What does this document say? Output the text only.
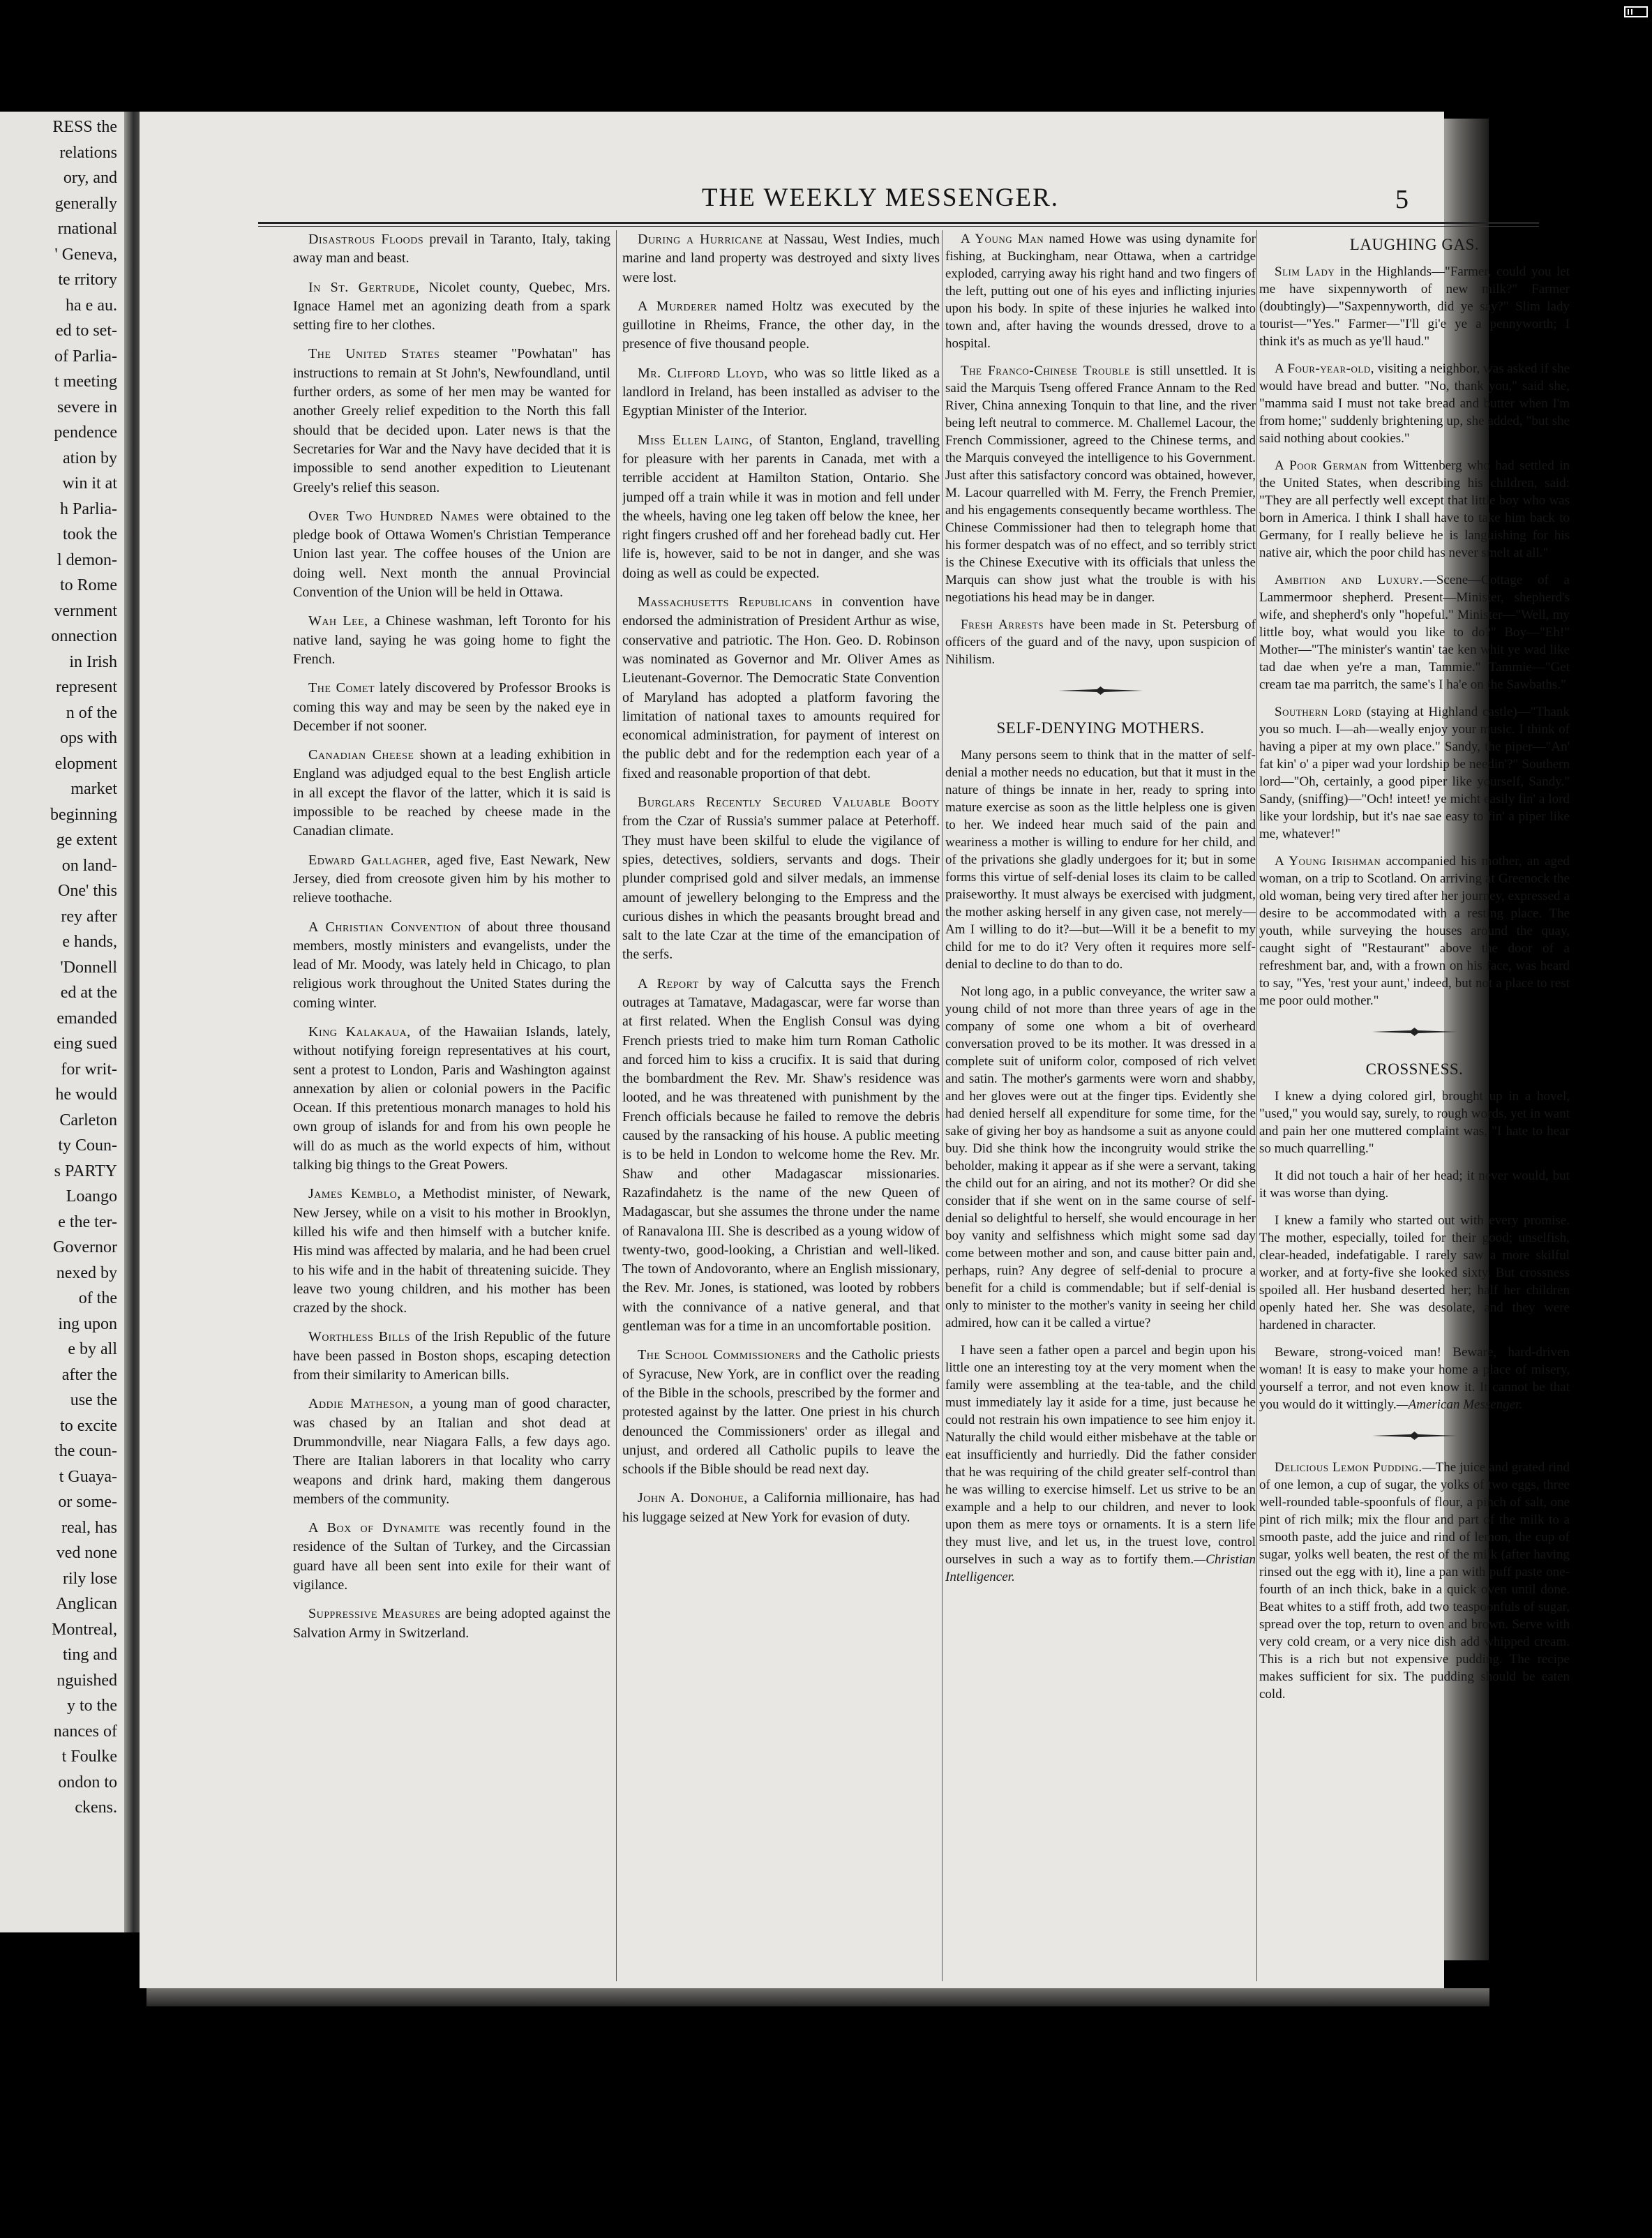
RESS the
relations
ory, and
generally
rnational
' Geneva,
te rritory
ha e au.
ed to set-
of Parlia-
t meeting
severe in
pendence
ation by
win it at
h Parlia-
took the
l demon-
to Rome
vernment
onnection
in Irish
represent
n of the
ops with
elopment
market
beginning
ge extent
on land-
One' this
rey after
e hands,
'Donnell
ed at the
emanded
eing sued
for writ-
he would
Carleton
ty Coun-
s PARTY
Loango
e the ter-
Governor
nexed by
of the
ing upon
e by all
after the
use the
to excite
the coun-
t Guaya-
or some-
real, has
ved none
rily lose
Anglican
Montreal,
ting and
nguished
y to the
nances of
t Foulke
ondon to
ckens.
THE WEEKLY MESSENGER.	5

Disastrous Floods prevail in Taranto, Italy, taking away man and beast.

In St. Gertrude, Nicolet county, Quebec, Mrs. Ignace Hamel met an agonizing death from a spark setting fire to her clothes.

The United States steamer "Powhatan" has instructions to remain at St John's, Newfoundland, until further orders, as some of her men may be wanted for another Greely relief expedition to the North this fall should that be decided upon. Later news is that the Secretaries for War and the Navy have decided that it is impossible to send another expedition to Lieutenant Greely's relief this season.

Over Two Hundred Names were obtained to the pledge book of Ottawa Women's Christian Temperance Union last year. The coffee houses of the Union are doing well. Next month the annual Provincial Convention of the Union will be held in Ottawa.

Wah Lee, a Chinese washman, left Toronto for his native land, saying he was going home to fight the French.

The Comet lately discovered by Professor Brooks is coming this way and may be seen by the naked eye in December if not sooner.

Canadian Cheese shown at a leading exhibition in England was adjudged equal to the best English article in all except the flavor of the latter, which it is said is impossible to be reached by cheese made in the Canadian climate.

Edward Gallagher, aged five, East Newark, New Jersey, died from creosote given him by his mother to relieve toothache.

A Christian Convention of about three thousand members, mostly ministers and evangelists, under the lead of Mr. Moody, was lately held in Chicago, to plan religious work throughout the United States during the coming winter.

King Kalakaua, of the Hawaiian Islands, lately, without notifying foreign representatives at his court, sent a protest to London, Paris and Washington against annexation by alien or colonial powers in the Pacific Ocean. If this pretentious monarch manages to hold his own group of islands for and from his own people he will do as much as the world expects of him, without talking big things to the Great Powers.

James Kemblo, a Methodist minister, of Newark, New Jersey, while on a visit to his mother in Brooklyn, killed his wife and then himself with a butcher knife. His mind was affected by malaria, and he had been cruel to his wife and in the habit of threatening suicide. They leave two young children, and his mother has been crazed by the shock.

Worthless Bills of the Irish Republic of the future have been passed in Boston shops, escaping detection from their similarity to American bills.

Addie Matheson, a young man of good character, was chased by an Italian and shot dead at Drummondville, near Niagara Falls, a few days ago. There are Italian laborers in that locality who carry weapons and drink hard, making them dangerous members of the community.

A Box of Dynamite was recently found in the residence of the Sultan of Turkey, and the Circassian guard have all been sent into exile for their want of vigilance.

Suppressive Measures are being adopted against the Salvation Army in Switzerland.

During a Hurricane at Nassau, West Indies, much marine and land property was destroyed and sixty lives were lost.

A Murderer named Holtz was executed by the guillotine in Rheims, France, the other day, in the presence of five thousand people.

Mr. Clifford Lloyd, who was so little liked as a landlord in Ireland, has been installed as adviser to the Egyptian Minister of the Interior.

Miss Ellen Laing, of Stanton, England, travelling for pleasure with her parents in Canada, met with a terrible accident at Hamilton Station, Ontario. She jumped off a train while it was in motion and fell under the wheels, having one leg taken off below the knee, her right fingers crushed off and her forehead badly cut. Her life is, however, said to be not in danger, and she was doing as well as could be expected.

Massachusetts Republicans in convention have endorsed the administration of President Arthur as wise, conservative and patriotic. The Hon. Geo. D. Robinson was nominated as Governor and Mr. Oliver Ames as Lieutenant-Governor. The Democratic State Convention of Maryland has adopted a platform favoring the limitation of national taxes to amounts required for economical administration, for payment of interest on the public debt and for the redemption each year of a fixed and reasonable proportion of that debt.

Burglars Recently Secured Valuable Booty from the Czar of Russia's summer palace at Peterhoff. They must have been skilful to elude the vigilance of spies, detectives, soldiers, servants and dogs. Their plunder comprised gold and silver medals, an immense amount of jewellery belonging to the Empress and the curious dishes in which the peasants brought bread and salt to the late Czar at the time of the emancipation of the serfs.

A Report by way of Calcutta says the French outrages at Tamatave, Madagascar, were far worse than at first related. When the English Consul was dying French priests tried to make him turn Roman Catholic and forced him to kiss a crucifix. It is said that during the bombardment the Rev. Mr. Shaw's residence was looted, and he was threatened with punishment by the French officials because he failed to remove the debris caused by the ransacking of his house. A public meeting is to be held in London to welcome home the Rev. Mr. Shaw and other Madagascar missionaries. Razafindahetz is the name of the new Queen of Madagascar, but she assumes the throne under the name of Ranavalona III. She is described as a young widow of twenty-two, good-looking, a Christian and well-liked. The town of Andovoranto, where an English missionary, the Rev. Mr. Jones, is stationed, was looted by robbers with the connivance of a native general, and that gentleman was for a time in an uncomfortable position.

The School Commissioners and the Catholic priests of Syracuse, New York, are in conflict over the reading of the Bible in the schools, prescribed by the former and protested against by the latter. One priest in his church denounced the Commissioners' order as illegal and unjust, and ordered all Catholic pupils to leave the schools if the Bible should be read next day.

John A. Donohue, a California millionaire, has had his luggage seized at New York for evasion of duty.

A Young Man named Howe was using dynamite for fishing, at Buckingham, near Ottawa, when a cartridge exploded, carrying away his right hand and two fingers of the left, putting out one of his eyes and inflicting injuries upon his body. In spite of these injuries he walked into town and, after having the wounds dressed, drove to a hospital.

The Franco-Chinese Trouble is still unsettled. It is said the Marquis Tseng offered France Annam to the Red River, China annexing Tonquin to that line, and the river being left neutral to commerce. M. Challemel Lacour, the French Commissioner, agreed to the Chinese terms, and the Marquis conveyed the intelligence to his Government. Just after this satisfactory concord was obtained, however, M. Lacour quarrelled with M. Ferry, the French Premier, and his engagements consequently became worthless. The Chinese Commissioner had then to telegraph home that his former despatch was of no effect, and so terribly strict is the Chinese Executive with its officials that unless the Marquis can show just what the trouble is with his negotiations his head may be in danger.

Fresh Arrests have been made in St. Petersburg of officers of the guard and of the navy, upon suspicion of Nihilism.

SELF-DENYING MOTHERS.

Many persons seem to think that in the matter of self-denial a mother needs no education, but that it must in the nature of things be innate in her, ready to spring into mature exercise as soon as the little helpless one is given to her. We indeed hear much said of the pain and weariness a mother is willing to endure for her child, and of the privations she gladly undergoes for it; but in some forms this virtue of self-denial loses its claim to be called praiseworthy. It must always be exercised with judgment, the mother asking herself in any given case, not merely—Am I willing to do it?—but—Will it be a benefit to my child for me to do it? Very often it requires more self-denial to decline to do than to do.

Not long ago, in a public conveyance, the writer saw a young child of not more than three years of age in the company of some one whom a bit of overheard conversation proved to be its mother. It was dressed in a complete suit of uniform color, composed of rich velvet and satin. The mother's garments were worn and shabby, and her gloves were out at the finger tips. Evidently she had denied herself all expenditure for some time, for the sake of giving her boy as handsome a suit as anyone could buy. Did she think how the incongruity would strike the beholder, making it appear as if she were a servant, taking the child out for an airing, and not its mother? Or did she consider that if she went on in the same course of self-denial so delightful to herself, she would encourage in her boy vanity and selfishness which might some sad day come between mother and son, and cause bitter pain and, perhaps, ruin? Any degree of self-denial to procure a benefit for a child is commendable; but if self-denial is only to minister to the mother's vanity in seeing her child admired, how can it be called a virtue?

I have seen a father open a parcel and begin upon his little one an interesting toy at the very moment when the family were assembling at the tea-table, and the child must immediately lay it aside for a time, just because he could not restrain his own impatience to see him enjoy it. Naturally the child would either misbehave at the table or eat insufficiently and hurriedly. Did the father consider that he was requiring of the child greater self-control than he was willing to exercise himself. Let us strive to be an example and a help to our children, and never to look upon them as mere toys or ornaments. It is a stern life they must live, and let us, in the truest love, control ourselves in such a way as to fortify them.—Christian Intelligencer.

LAUGHING GAS.

Slim Lady in the Highlands—"Farmer, could you let me have sixpennyworth of new milk?" Farmer (doubtingly)—"Saxpennyworth, did ye say?" Slim lady tourist—"Yes." Farmer—"I'll gi'e ye a pennyworth; I think it's as much as ye'll haud."

A Four-year-old, visiting a neighbor, was asked if she would have bread and butter. "No, thank you," said she, "mamma said I must not take bread and butter when I'm from home;" suddenly brightening up, she added, "but she said nothing about cookies."

A Poor German from Wittenberg who had settled in the United States, when describing his children, said: "They are all perfectly well except that little boy who was born in America. I think I shall have to take him back to Germany, for I really believe he is languishing for his native air, which the poor child has never smelt at all."

Ambition and Luxury.—Scene—Cottage of a Lammermoor shepherd. Present—Minister, shepherd's wife, and shepherd's only "hopeful." Minister—"Well, my little boy, what would you like to do?" Boy—"Eh!" Mother—"The minister's wantin' tae ken whit ye wad like tad dae when ye're a man, Tammie." Tammie—"Get cream tae ma parritch, the same's I ha'e on the Sawbaths."

Southern Lord (staying at Highland castle)—"Thank you so much. I—ah—weally enjoy your music. I think of having a piper at my own place." Sandy, the piper—"An' fat kin' o' a piper wad your lordship be needin'?" Southern lord—"Oh, certainly, a good piper like yourself, Sandy." Sandy, (sniffing)—"Och! inteet! ye micht easily fin' a lord like your lordship, but it's nae sae easy to fin' a piper like me, whatever!"

A Young Irishman accompanied his mother, an aged woman, on a trip to Scotland. On arriving at Greenock the old woman, being very tired after her journey, expressed a desire to be accommodated with a resting place. The youth, while surveying the houses around the quay, caught sight of "Restaurant" above the door of a refreshment bar, and, with a frown on his face, was heard to say, "Yes, 'rest your aunt,' indeed, but not a place to rest me poor ould mother."

CROSSNESS.

I knew a dying colored girl, brought up in a hovel, "used," you would say, surely, to rough words, yet in want and pain her one muttered complaint was, "I hate to hear so much quarrelling."

It did not touch a hair of her head; it never would, but it was worse than dying.

I knew a family who started out with every promise. The mother, especially, toiled for their good; unselfish, clear-headed, indefatigable. I rarely saw a more skilful worker, and at forty-five she looked sixty. But crossness spoiled all. Her husband deserted her; half her children openly hated her. She was desolate, and they were hardened in character.

Beware, strong-voiced man! Beware, hard-driven woman! It is easy to make your home a place of misery, yourself a terror, and not even know it. It cannot be that you would do it wittingly.—American Messenger.

Delicious Lemon Pudding.—The juice and grated rind of one lemon, a cup of sugar, the yolks of two eggs, three well-rounded table-spoonfuls of flour, a pinch of salt, one pint of rich milk; mix the flour and part of the milk to a smooth paste, add the juice and rind of lemon, the cup of sugar, yolks well beaten, the rest of the milk (after having rinsed out the egg with it), line a pan with puff paste one-fourth of an inch thick, bake in a quick oven until done. Beat whites to a stiff froth, add two teaspoonfuls of sugar, spread over the top, return to oven and brown. Serve with very cold cream, or a very nice dish add whipped cream. This is a rich but not expensive pudding. The recipe makes sufficient for six. The pudding should be eaten cold.
